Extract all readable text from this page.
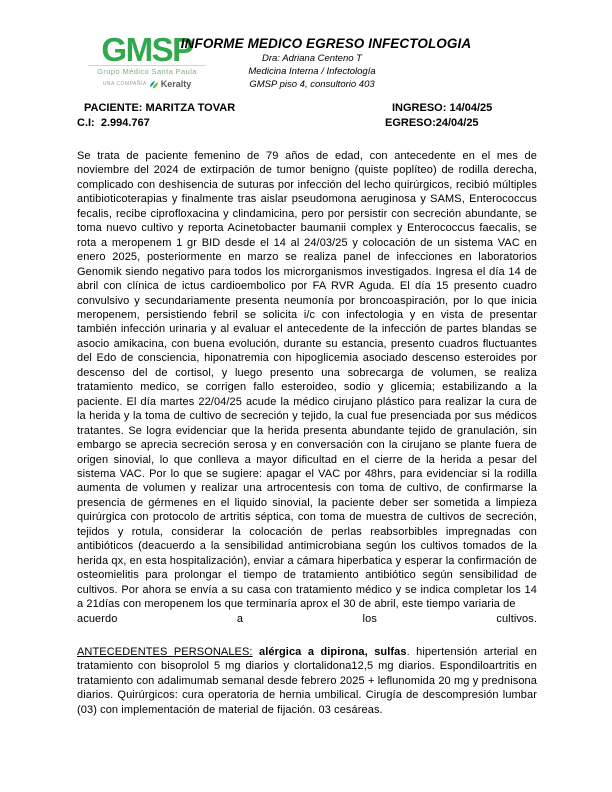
GMSP
Grupo Médico Santa Paula
UNA COMPAÑÍA Keralty
INFORME MEDICO EGRESO INFECTOLOGIA
Dra: Adriana Centeno T
Medicina Interna / Infectología
GMSP piso 4, consultorio 403
PACIENTE: MARITZA TOVAR	INGRESO: 14/04/25
C.I:  2.994.767	EGRESO:24/04/25
Se trata de paciente femenino de 79 años de edad, con antecedente en el mes de noviembre del 2024 de extirpación de tumor benigno (quiste poplíteo) de rodilla derecha, complicado con deshisencia de suturas por infección del lecho quirúrgicos, recibió múltiples antibioticoterapias y finalmente tras aislar pseudomona aeruginosa y SAMS, Enterococcus fecalis, recibe ciprofloxacina y clindamicina, pero por persistir con secreción abundante, se toma nuevo cultivo y reporta Acinetobacter baumanii complex y Enterococcus faecalis, se rota a meropenem 1 gr BID desde el 14 al 24/03/25 y colocación de un sistema VAC en enero 2025, posteriormente en marzo se realiza panel de infecciones en laboratorios Genomik siendo negativo para todos los microrganismos investigados. Ingresa el día 14 de abril con clínica de ictus cardioembolico por FA RVR Aguda. El día 15 presento cuadro convulsivo y secundariamente presenta neumonía por broncoaspiración, por lo que inicia meropenem, persistiendo febril se solicita i/c con infectologia y en vista de presentar también infección urinaria y al evaluar el antecedente de la infección de partes blandas se asocio amikacina, con buena evolución, durante su estancia, presento cuadros fluctuantes del Edo de consciencia, hiponatremia con hipoglicemia asociado descenso esteroides por descenso del de cortisol, y luego presento una sobrecarga de volumen, se realiza tratamiento medico, se corrigen fallo esteroideo, sodio y glicemia; estabilizando a la paciente. El día martes 22/04/25 acude la médico cirujano plástico para realizar la cura de la herida y la toma de cultivo de secreción y tejido, la cual fue presenciada por sus médicos tratantes. Se logra evidenciar que la herida presenta abundante tejido de granulación, sin embargo se aprecia secreción serosa y en conversación con la cirujano se plante fuera de origen sinovial, lo que conlleva a mayor dificultad en el cierre de la herida a pesar del sistema VAC. Por lo que se sugiere: apagar el VAC por 48hrs, para evidenciar si la rodilla aumenta de volumen y realizar una artrocentesis con toma de cultivo, de confirmarse la presencia de gérmenes en el liquido sinovial, la paciente deber ser sometida a limpieza quirúrgica con protocolo de artritis séptica, con toma de muestra de cultivos de secreción, tejidos y rotula, considerar la colocación de perlas reabsorbibles impregnadas con antibióticos (deacuerdo a la sensibilidad antimicrobiana según los cultivos tomados de la herida qx, en esta hospitalización), enviar a cámara hiperbatica y esperar la confirmación de osteomielitis para prolongar el tiempo de tratamiento antibiótico según sensibilidad de cultivos. Por ahora se envía a su casa con tratamiento médico y se indica completar los 14 a 21días con meropenem los que terminaría aprox el 30 de abril, este tiempo variaria de
acuerdo a los cultivos.
ANTECEDENTES PERSONALES: alérgica a dipirona, sulfas. hipertensión arterial en tratamiento con bisoprolol 5 mg diarios y clortalidona12,5 mg diarios. Espondiloartritis en tratamiento con adalimumab semanal desde febrero 2025 + leflunomida 20 mg y prednisona diarios. Quirúrgicos: cura operatoria de hernia umbilical. Cirugía de descompresión lumbar (03) con implementación de material de fijación. 03 cesáreas.
